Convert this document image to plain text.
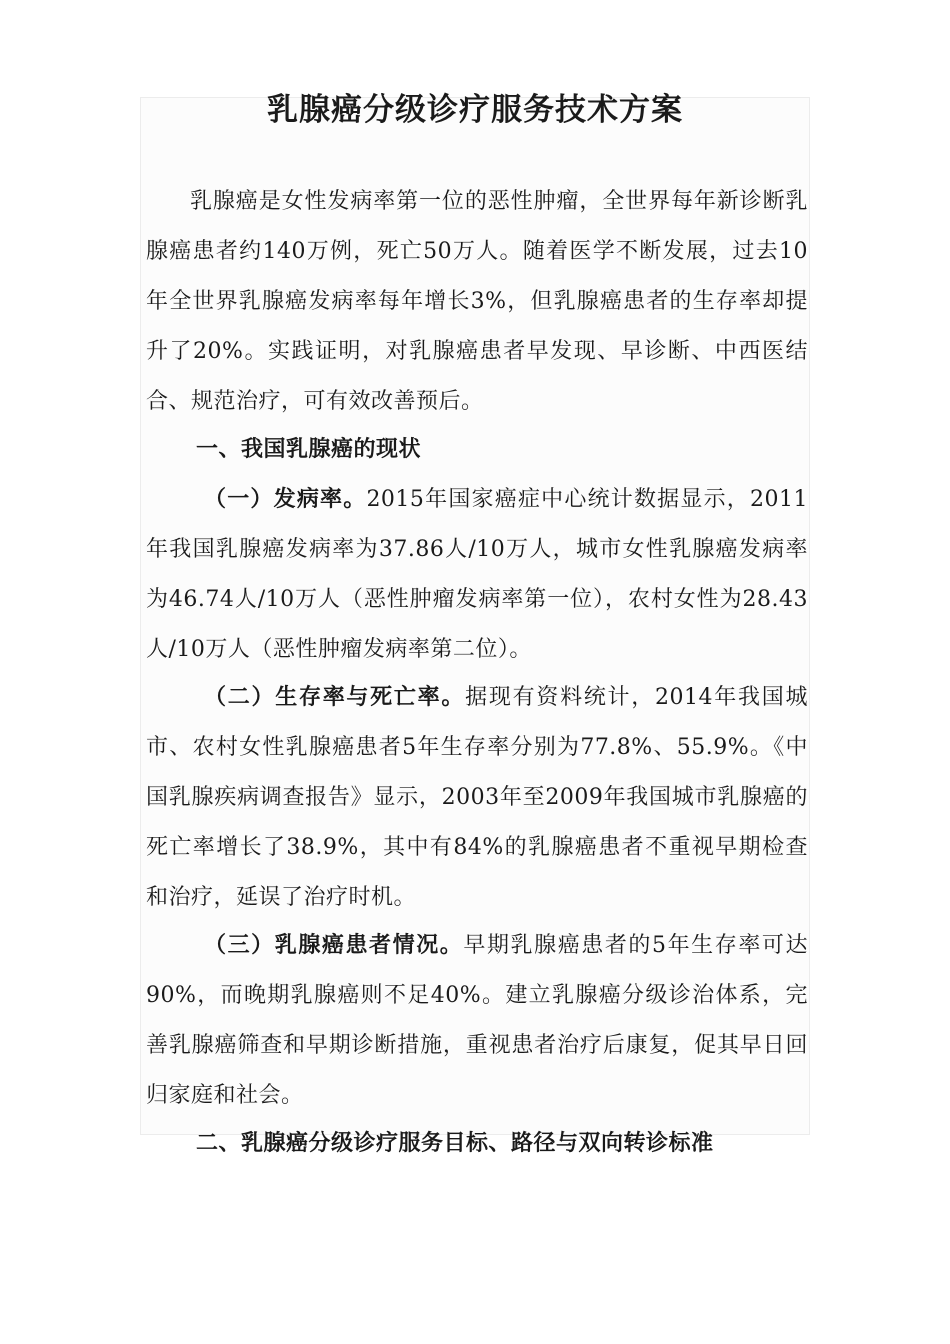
乳腺癌分级诊疗服务技术方案

乳腺癌是女性发病率第一位的恶性肿瘤，全世界每年新诊断乳腺癌患者约140万例，死亡50万人。随着医学不断发展，过去10年全世界乳腺癌发病率每年增长3%，但乳腺癌患者的生存率却提升了20%。实践证明，对乳腺癌患者早发现、早诊断、中西医结合、规范治疗，可有效改善预后。

一、我国乳腺癌的现状

（一）发病率。2015年国家癌症中心统计数据显示，2011年我国乳腺癌发病率为37.86人/10万人，城市女性乳腺癌发病率为46.74人/10万人（恶性肿瘤发病率第一位），农村女性为28.43人/10万人（恶性肿瘤发病率第二位）。

（二）生存率与死亡率。据现有资料统计，2014年我国城市、农村女性乳腺癌患者5年生存率分别为77.8%、55.9%。《中国乳腺疾病调查报告》显示，2003年至2009年我国城市乳腺癌的死亡率增长了38.9%，其中有84%的乳腺癌患者不重视早期检查和治疗，延误了治疗时机。

（三）乳腺癌患者情况。早期乳腺癌患者的5年生存率可达90%，而晚期乳腺癌则不足40%。建立乳腺癌分级诊治体系，完善乳腺癌筛查和早期诊断措施，重视患者治疗后康复，促其早日回归家庭和社会。

二、乳腺癌分级诊疗服务目标、路径与双向转诊标准
